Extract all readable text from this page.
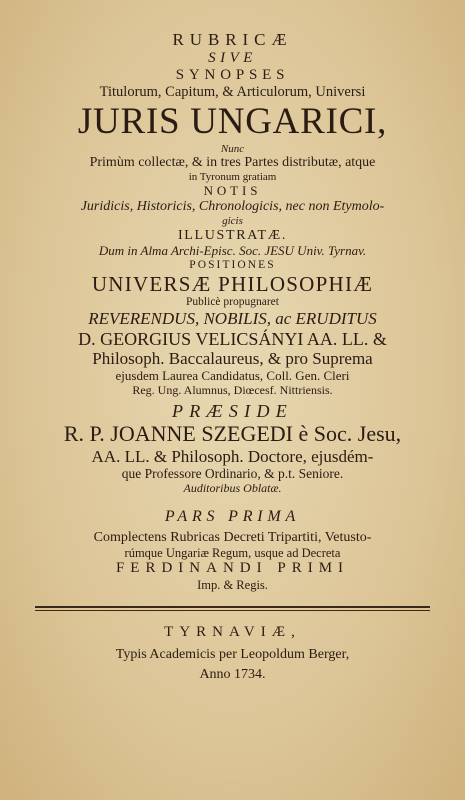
RUBRICÆ

SIVE

SYNOPSES

Titulorum, Capitum, & Articulorum, Universi

JURIS UNGARICI,

Nunc

Primùm collectæ, & in tres Partes distributæ, atque

in Tyronum gratiam

NOTIS

Juridicis, Historicis, Chronologicis, nec non Etymolo-

gicis

ILLUSTRATÆ.

Dum in Alma Archi-Episc. Soc. JESU Univ. Tyrnav.

POSITIONES

UNIVERSÆ PHILOSOPHIÆ

Publicè propugnaret

REVERENDUS, NOBILIS, ac ERUDITUS

D. GEORGIUS VELICSÁNYI AA. LL. &

Philosoph. Baccalaureus, & pro Suprema

ejusdem Laurea Candidatus, Coll. Gen. Cleri

Reg. Ung. Alumnus, Diœcesf. Nittriensis.

PRÆSIDE

R. P. JOANNE SZEGEDI è Soc. Jesu,

AA. LL. & Philosoph. Doctore, ejusdém-

que Professore Ordinario, & p.t. Seniore.

Auditoribus Oblatæ.

PARS PRIMA

Complectens Rubricas Decreti Tripartiti, Vetusto-

rúmque Ungariæ Regum, usque ad Decreta

FERDINANDI PRIMI

Imp. & Regis.

TYRNAVIÆ,

Typis Academicis per Leopoldum Berger,

Anno 1734.
